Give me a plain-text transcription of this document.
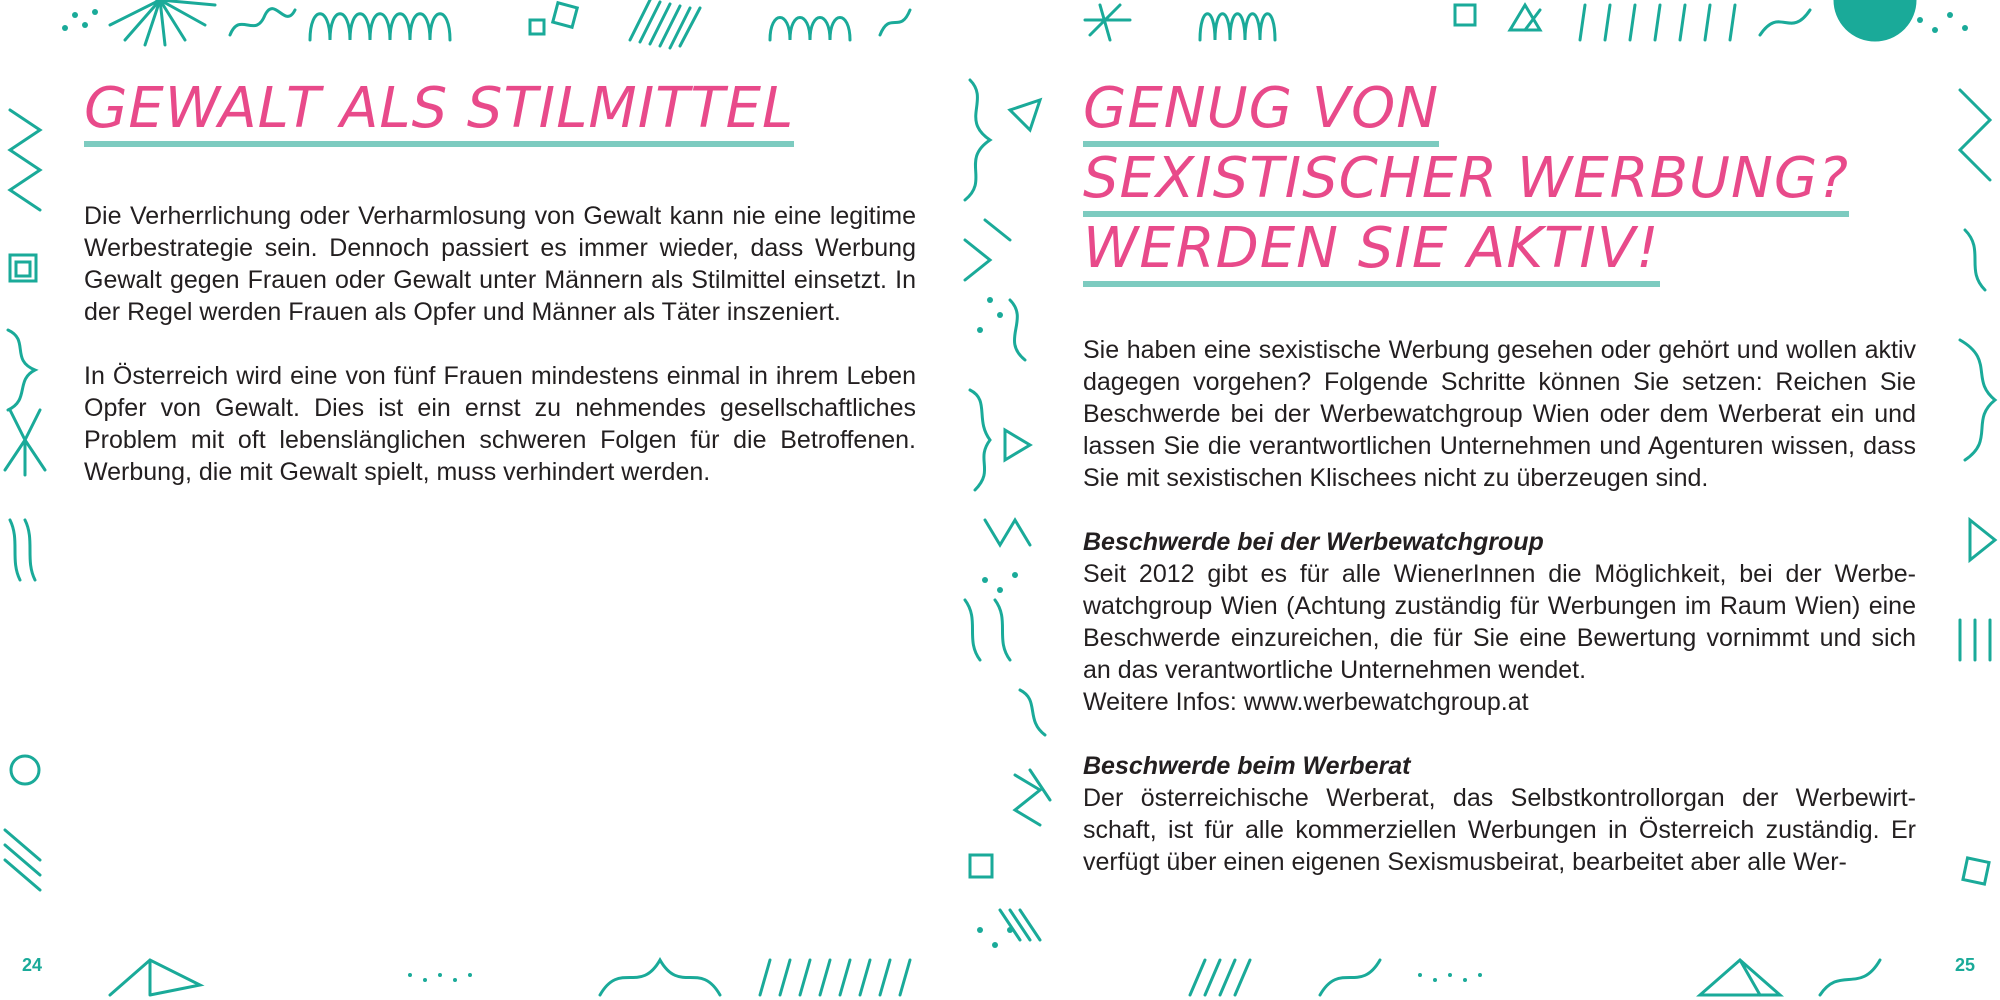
GEWALT ALS STILMITTEL

Die Verherrlichung oder Verharmlosung von Gewalt kann nie eine legitime Werbestrategie sein. Dennoch passiert es immer wieder, dass Werbung Gewalt gegen Frauen oder Gewalt unter Männern als Stilmittel einsetzt. In der Regel werden Frauen als Opfer und Männer als Täter inszeniert.

In Österreich wird eine von fünf Frauen mindestens einmal in ihrem Leben Opfer von Gewalt. Dies ist ein ernst zu nehmendes gesellschaftliches Problem mit oft lebenslänglichen schweren Folgen für die Betroffenen. Werbung, die mit Gewalt spielt, muss verhindert werden.

24
GENUG VON
SEXISTISCHER WERBUNG?
WERDEN SIE AKTIV!

Sie haben eine sexistische Werbung gesehen oder gehört und wollen aktiv dagegen vorgehen? Folgende Schritte können Sie setzen: Reichen Sie Beschwerde bei der Werbewatchgroup Wien oder dem Werberat ein und lassen Sie die verantwortlichen Unternehmen und Agenturen wissen, dass Sie mit sexistischen Klischees nicht zu überzeugen sind.

Beschwerde bei der Werbewatchgroup
Seit 2012 gibt es für alle WienerInnen die Möglichkeit, bei der Werbewatchgroup Wien (Achtung zuständig für Werbungen im Raum Wien) eine Beschwerde einzureichen, die für Sie eine Bewertung vornimmt und sich an das verantwortliche Unternehmen wendet.
Weitere Infos: www.werbewatchgroup.at

Beschwerde beim Werberat
Der österreichische Werberat, das Selbstkontrollorgan der Werbewirtschaft, ist für alle kommerziellen Werbungen in Österreich zuständig. Er verfügt über einen eigenen Sexismusbeirat, bearbeitet aber alle Wer-

25
